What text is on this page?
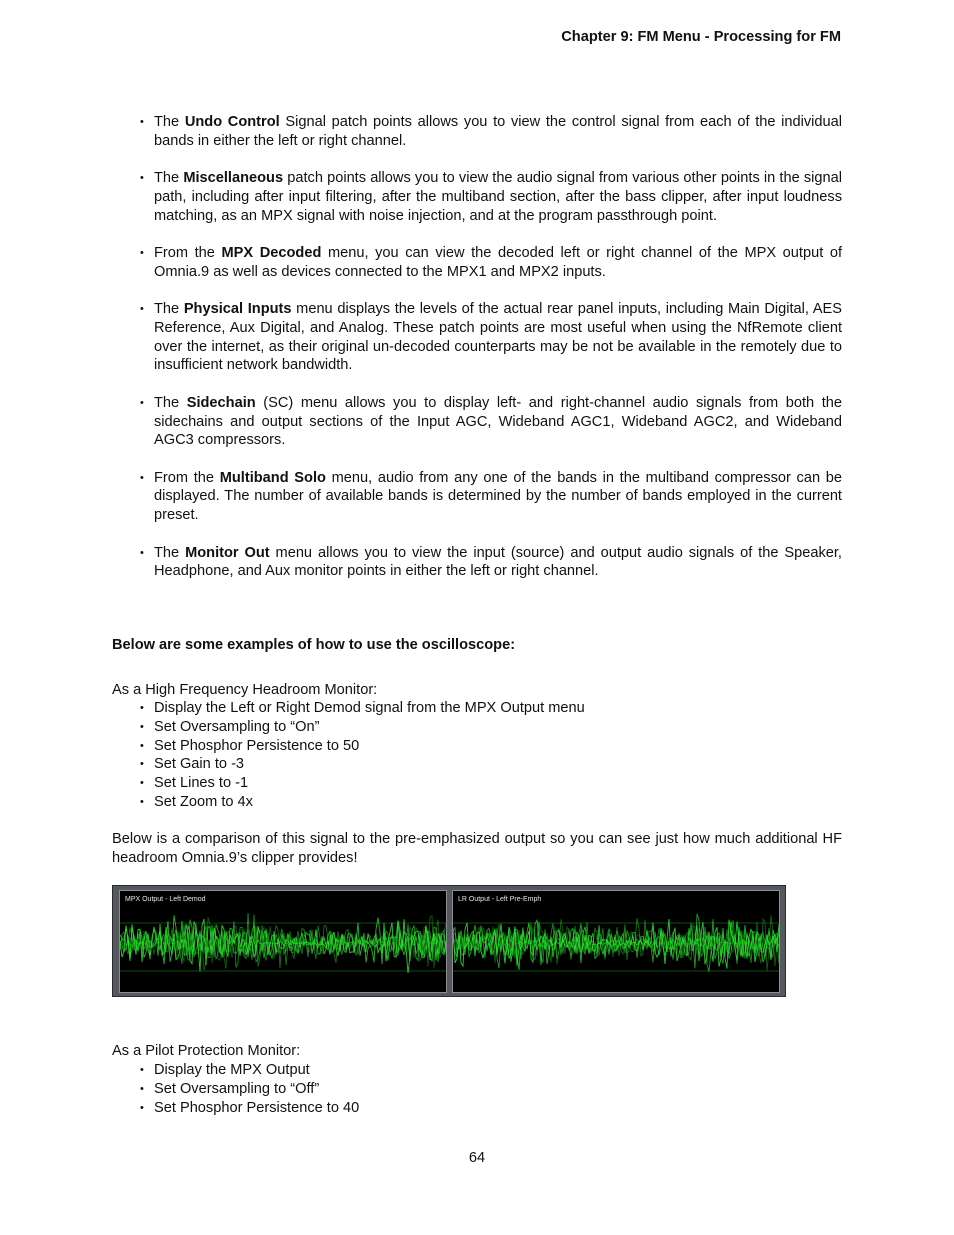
Chapter 9: FM Menu - Processing for FM
• The Undo Control Signal patch points allows you to view the control signal from each of the individual bands in either the left or right channel.
• The Miscellaneous patch points allows you to view the audio signal from various other points in the signal path, including after input filtering, after the multiband section, after the bass clipper, after input loudness matching, as an MPX signal with noise injection, and at the program passthrough point.
• From the MPX Decoded menu, you can view the decoded left or right channel of the MPX output of Omnia.9 as well as devices connected to the MPX1 and MPX2 inputs.
• The Physical Inputs menu displays the levels of the actual rear panel inputs, including Main Digital, AES Reference, Aux Digital, and Analog. These patch points are most useful when using the NfRemote client over the internet, as their original un-decoded counterparts may be not be available in the remotely due to insufficient network bandwidth.
• The Sidechain (SC) menu allows you to display left- and right-channel audio signals from both the sidechains and output sections of the Input AGC, Wideband AGC1, Wideband AGC2, and Wideband AGC3 compressors.
• From the Multiband Solo menu, audio from any one of the bands in the multiband compressor can be displayed. The number of available bands is determined by the number of bands employed in the current preset.
• The Monitor Out menu allows you to view the input (source) and output audio signals of the Speaker, Headphone, and Aux monitor points in either the left or right channel.
Below are some examples of how to use the oscilloscope:
As a High Frequency Headroom Monitor:
• Display the Left or Right Demod signal from the MPX Output menu
• Set Oversampling to “On”
• Set Phosphor Persistence to 50
• Set Gain to -3
• Set Lines to -1
• Set Zoom to 4x
Below is a comparison of this signal to the pre-emphasized output so you can see just how much additional HF headroom Omnia.9’s clipper provides!
MPX Output - Left Demod	LR Output - Left Pre-Emph
As a Pilot Protection Monitor:
• Display the MPX Output
• Set Oversampling to “Off”
• Set Phosphor Persistence to 40
64
